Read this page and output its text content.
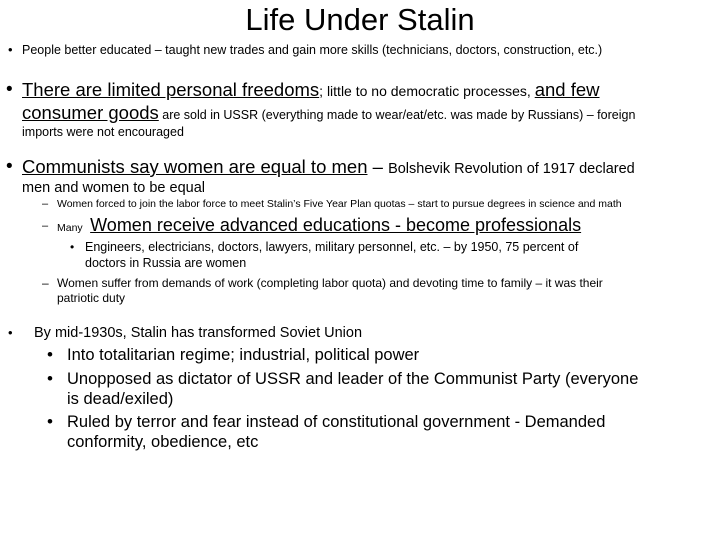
Life Under Stalin
• People better educated – taught new trades and gain more skills (technicians, doctors, construction, etc.)
• There are limited personal freedoms; little to no democratic processes, and few

consumer goods are sold in USSR (everything made to wear/eat/etc. was made by Russians) – foreign

imports were not encouraged

• Communists say women are equal to men – Bolshevik Revolution of 1917 declared

men and women to be equal

– Women forced to join the labor force to meet Stalin’s Five Year Plan quotas – start to pursue degrees in science and math
– Many Women receive advanced educations - become professionals
• Engineers, electricians, doctors, lawyers, military personnel, etc. – by 1950, 75 percent of

doctors in Russia are women

– Women suffer from demands of work (completing labor quota) and devoting time to family – it was their

patriotic duty

• By mid-1930s, Stalin has transformed Soviet Union
• Into totalitarian regime; industrial, political power

• Unopposed as dictator of USSR and leader of the Communist Party (everyone

is dead/exiled)

• Ruled by terror and fear instead of constitutional government - Demanded

conformity, obedience, etc
